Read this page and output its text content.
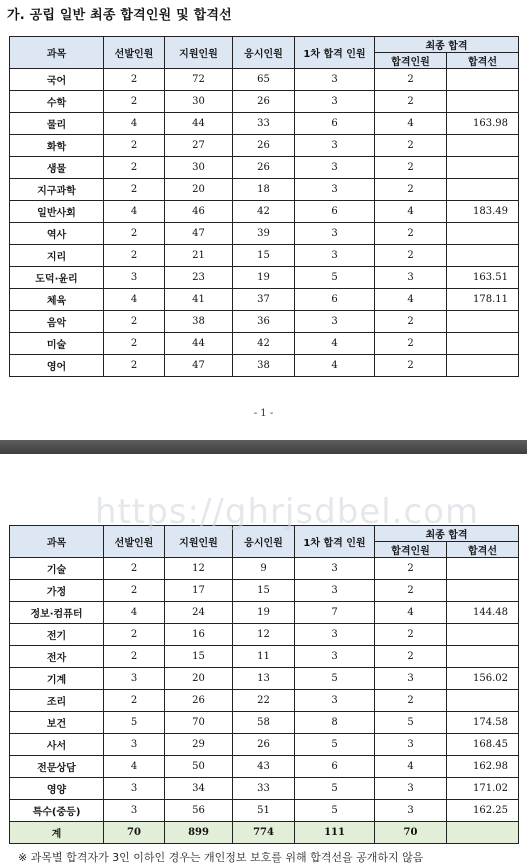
가. 공립 일반 최종 합격인원 및 합격선
과목	선발인원	지원인원	응시인원	1차 합격 인원	최종 합격	
					합격인원	합격선
국어	2	72	65	3	2	
수학	2	30	26	3	2	
물리	4	44	33	6	4	163.98
화학	2	27	26	3	2	
생물	2	30	26	3	2	
지구과학	2	20	18	3	2	
일반사회	4	46	42	6	4	183.49
역사	2	47	39	3	2	
지리	2	21	15	3	2	
도덕·윤리	3	23	19	5	3	163.51
체육	4	41	37	6	4	178.11
음악	2	38	36	3	2	
미술	2	44	42	4	2	
영어	2	47	38	4	2	
- 1 -
과목	선발인원	지원인원	응시인원	1차 합격 인원	최종 합격	
					합격인원	합격선
기술	2	12	9	3	2	
가정	2	17	15	3	2	
정보·컴퓨터	4	24	19	7	4	144.48
전기	2	16	12	3	2	
전자	2	15	11	3	2	
기계	3	20	13	5	3	156.02
조리	2	26	22	3	2	
보건	5	70	58	8	5	174.58
사서	3	29	26	5	3	168.45
전문상담	4	50	43	6	4	162.98
영양	3	34	33	5	3	171.02
특수(중등)	3	56	51	5	3	162.25
계	70	899	774	111	70	
https://ghrjsdbel.com
※ 과목별 합격자가 3인 이하인 경우는 개인정보 보호를 위해 합격선을 공개하지 않음
